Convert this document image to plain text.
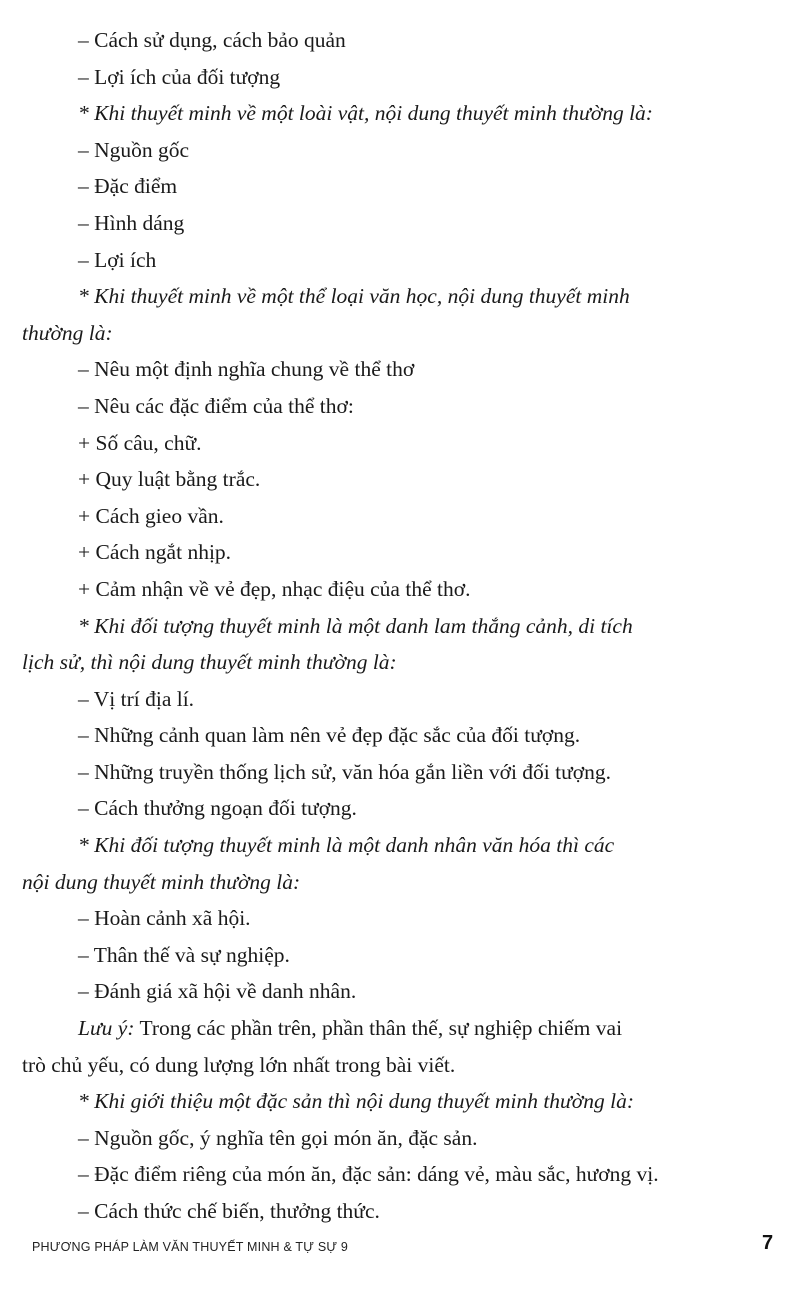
– Cách sử dụng, cách bảo quản
– Lợi ích của đối tượng
* Khi thuyết minh về một loài vật, nội dung thuyết minh thường là:
– Nguồn gốc
– Đặc điểm
– Hình dáng
– Lợi ích
* Khi thuyết minh về một thể loại văn học, nội dung thuyết minh
thường là:
– Nêu một định nghĩa chung về thể thơ
– Nêu các đặc điểm của thể thơ:
+ Số câu, chữ.
+ Quy luật bằng trắc.
+ Cách gieo vần.
+ Cách ngắt nhịp.
+ Cảm nhận về vẻ đẹp, nhạc điệu của thể thơ.
* Khi đối tượng thuyết minh là một danh lam thắng cảnh, di tích
lịch sử, thì nội dung thuyết minh thường là:
– Vị trí địa lí.
– Những cảnh quan làm nên vẻ đẹp đặc sắc của đối tượng.
– Những truyền thống lịch sử, văn hóa gắn liền với đối tượng.
– Cách thưởng ngoạn đối tượng.
* Khi đối tượng thuyết minh là một danh nhân văn hóa thì các
nội dung thuyết minh thường là:
– Hoàn cảnh xã hội.
– Thân thế và sự nghiệp.
– Đánh giá xã hội về danh nhân.
Lưu ý: Trong các phần trên, phần thân thế, sự nghiệp chiếm vai
trò chủ yếu, có dung lượng lớn nhất trong bài viết.
* Khi giới thiệu một đặc sản thì nội dung thuyết minh thường là:
– Nguồn gốc, ý nghĩa tên gọi món ăn, đặc sản.
– Đặc điểm riêng của món ăn, đặc sản: dáng vẻ, màu sắc, hương vị.
– Cách thức chế biến, thưởng thức.
PHƯƠNG PHÁP LÀM VĂN THUYẾT MINH & TỰ SỰ 9	7
